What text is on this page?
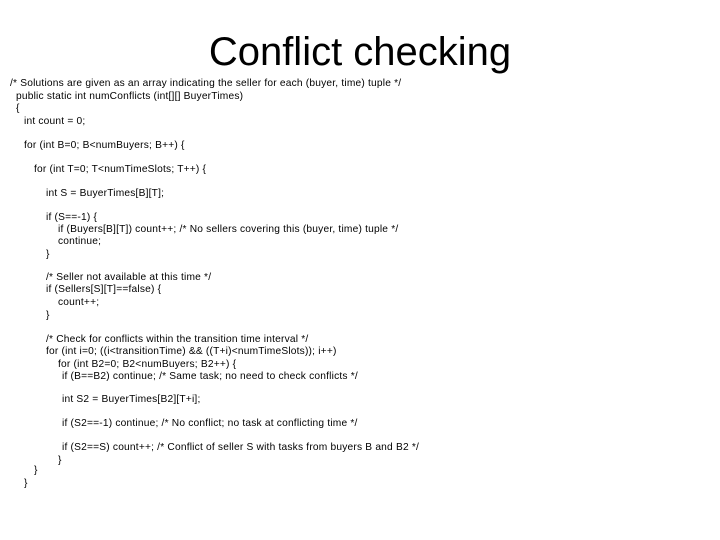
Conflict checking
/* Solutions are given as an array indicating the seller for each (buyer, time) tuple */
public static int numConflicts (int[][] BuyerTimes)
{
int count = 0;
for (int B=0; B<numBuyers; B++) {
for (int T=0; T<numTimeSlots; T++) {
int S = BuyerTimes[B][T];
if (S==-1) {
if (Buyers[B][T]) count++; /* No sellers covering this (buyer, time) tuple */
continue;
}
/* Seller not available at this time */
if (Sellers[S][T]==false) {
count++;
}
/* Check for conflicts within the transition time interval */
for (int i=0; ((i<transitionTime) && ((T+i)<numTimeSlots)); i++)
for (int B2=0; B2<numBuyers; B2++) {
if (B==B2) continue; /* Same task; no need to check conflicts */
int S2 = BuyerTimes[B2][T+i];
if (S2==-1) continue; /* No conflict; no task at conflicting time */
if (S2==S) count++; /* Conflict of seller S with tasks from buyers B and B2 */
}
}
}
